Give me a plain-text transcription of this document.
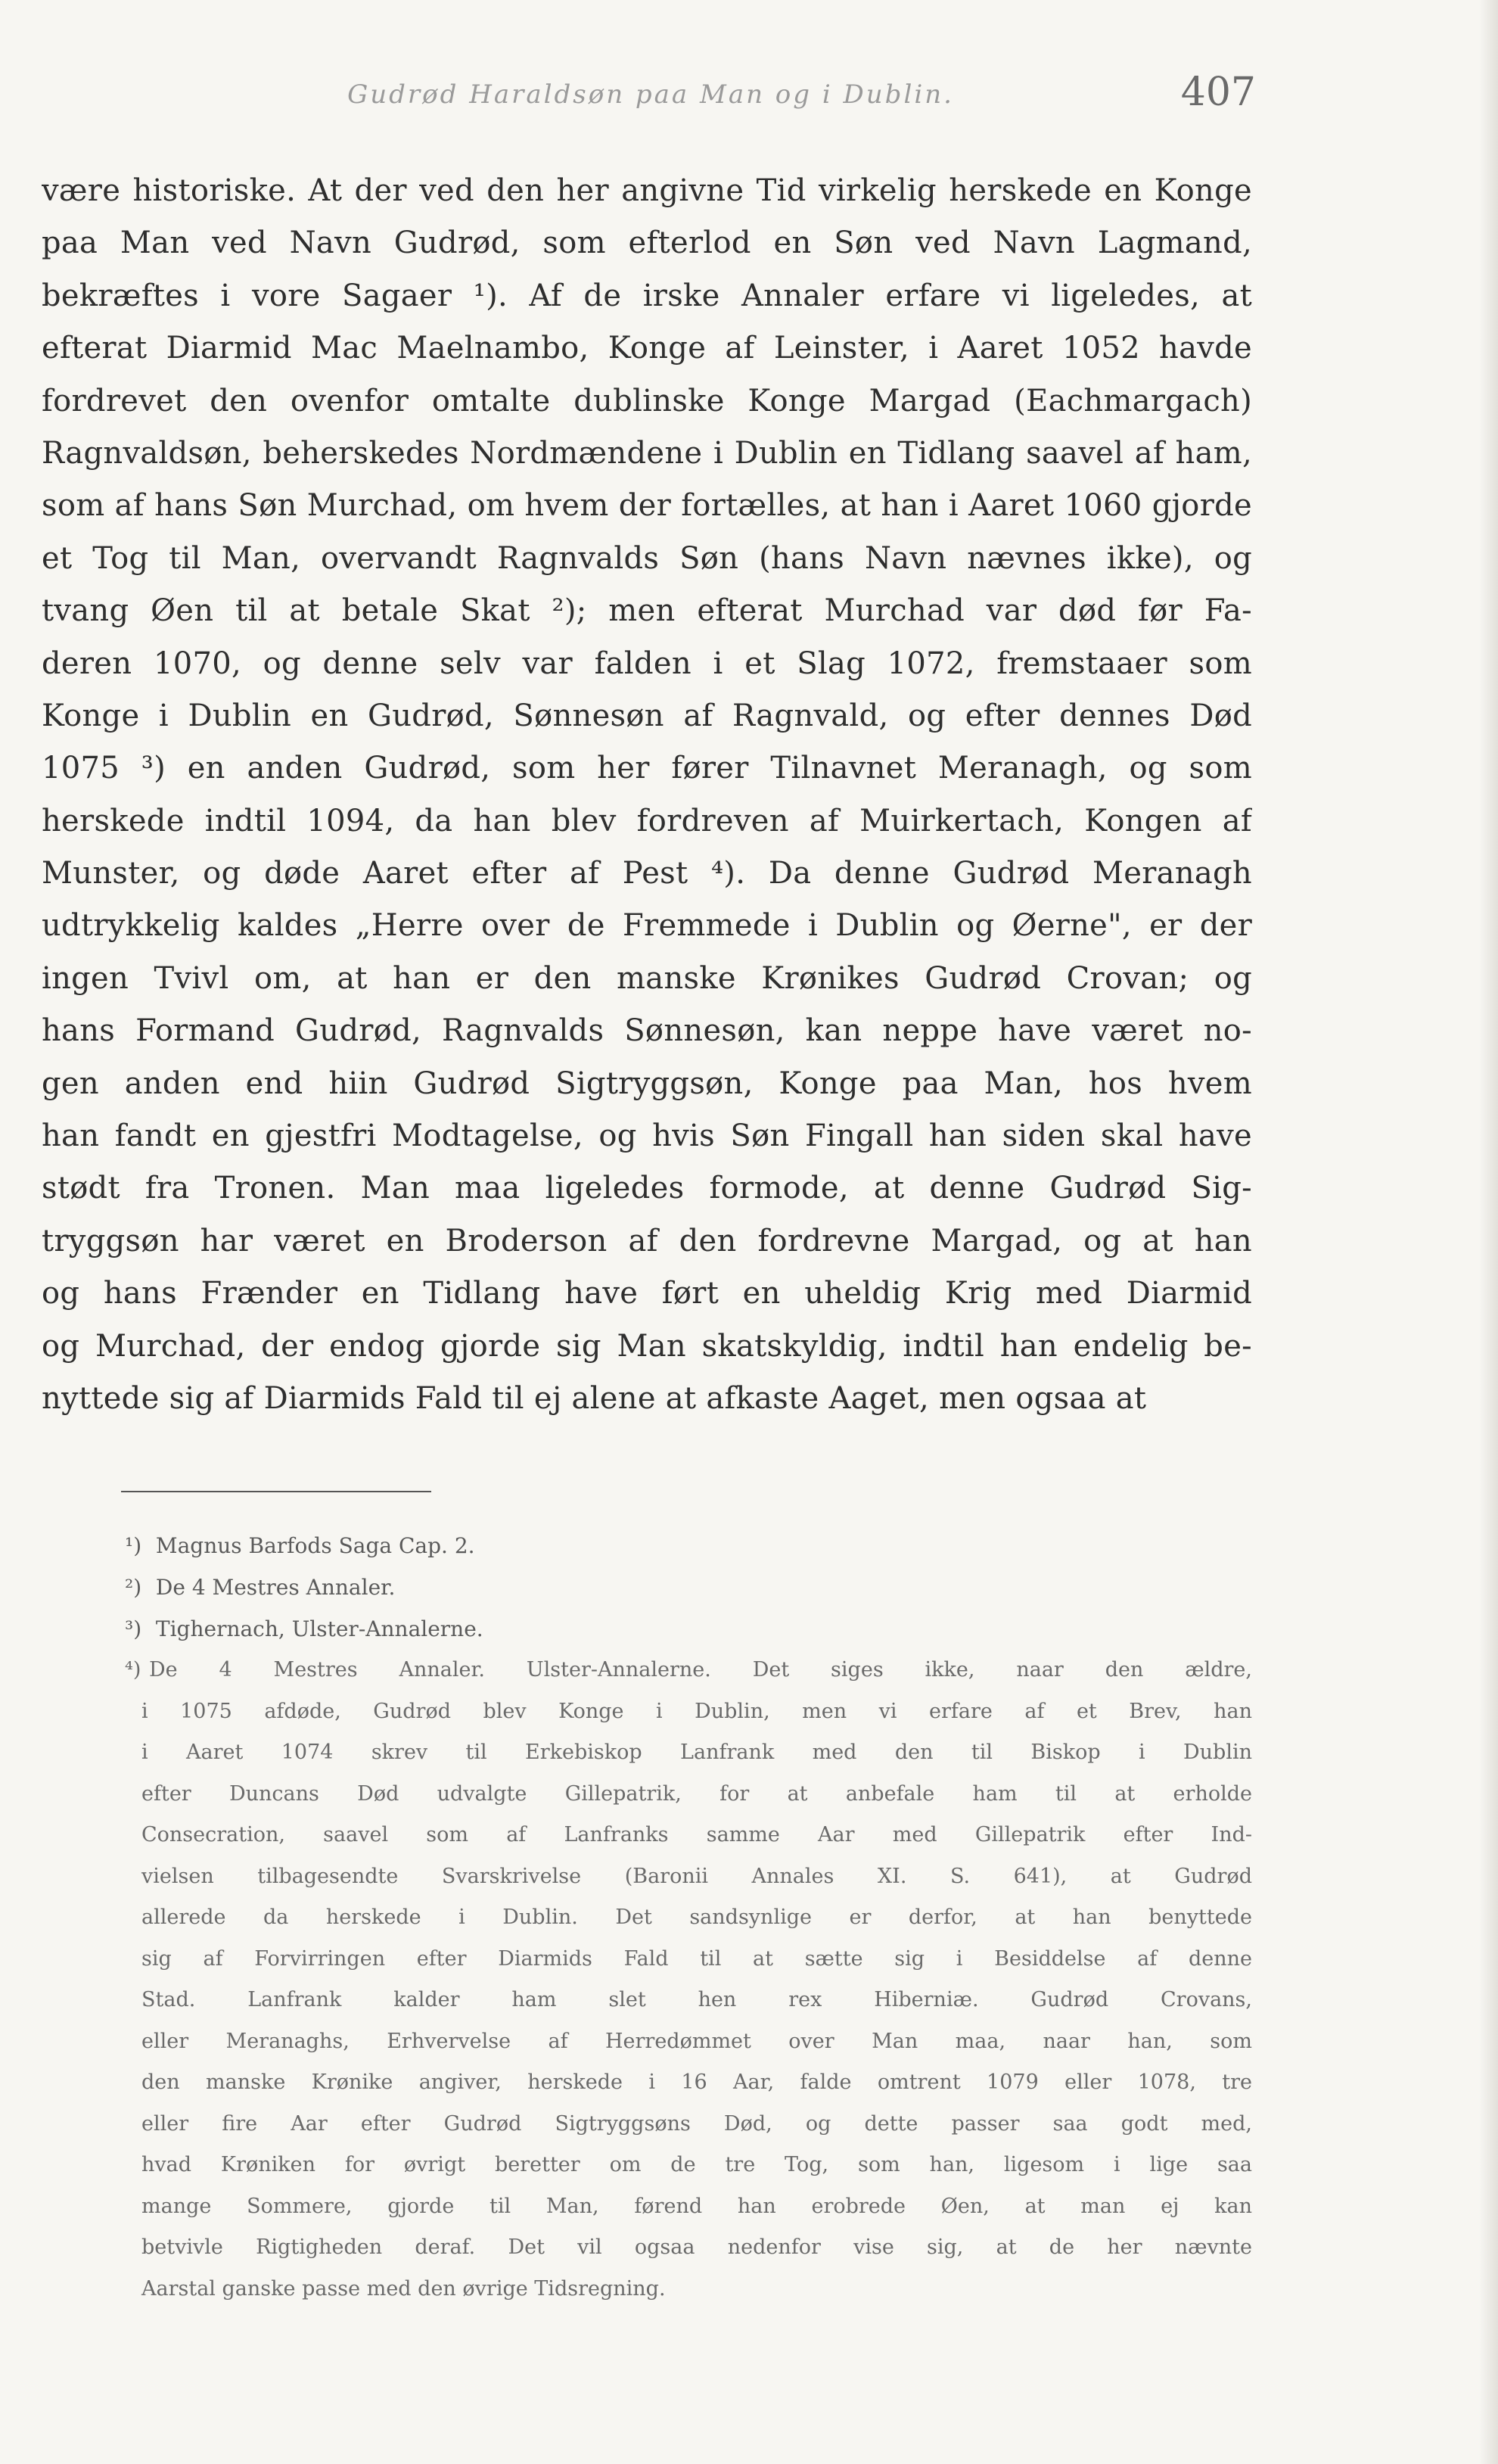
Gudrød Haraldsøn paa Man og i Dublin.	407
være historiske. At der ved den her angivne Tid virkelig herskede en Konge
paa Man ved Navn Gudrød, som efterlod en Søn ved Navn Lagmand,
bekræftes i vore Sagaer ¹). Af de irske Annaler erfare vi ligeledes, at
efterat Diarmid Mac Maelnambo, Konge af Leinster, i Aaret 1052 havde
fordrevet den ovenfor omtalte dublinske Konge Margad (Eachmargach)
Ragnvaldsøn, beherskedes Nordmændene i Dublin en Tidlang saavel af ham,
som af hans Søn Murchad, om hvem der fortælles, at han i Aaret 1060 gjorde
et Tog til Man, overvandt Ragnvalds Søn (hans Navn nævnes ikke), og
tvang Øen til at betale Skat ²); men efterat Murchad var død før Fa-
deren 1070, og denne selv var falden i et Slag 1072, fremstaaer som
Konge i Dublin en Gudrød, Sønnesøn af Ragnvald, og efter dennes Død
1075 ³) en anden Gudrød, som her fører Tilnavnet Meranagh, og som
herskede indtil 1094, da han blev fordreven af Muirkertach, Kongen af
Munster, og døde Aaret efter af Pest ⁴). Da denne Gudrød Meranagh
udtrykkelig kaldes „Herre over de Fremmede i Dublin og Øerne", er der
ingen Tvivl om, at han er den manske Krønikes Gudrød Crovan; og
hans Formand Gudrød, Ragnvalds Sønnesøn, kan neppe have været no-
gen anden end hiin Gudrød Sigtryggsøn, Konge paa Man, hos hvem
han fandt en gjestfri Modtagelse, og hvis Søn Fingall han siden skal have
stødt fra Tronen. Man maa ligeledes formode, at denne Gudrød Sig-
tryggsøn har været en Broderson af den fordrevne Margad, og at han
og hans Frænder en Tidlang have ført en uheldig Krig med Diarmid
og Murchad, der endog gjorde sig Man skatskyldig, indtil han endelig be-
nyttede sig af Diarmids Fald til ej alene at afkaste Aaget, men ogsaa at
¹) Magnus Barfods Saga Cap. 2.
²) De 4 Mestres Annaler.
³) Tighernach, Ulster-Annalerne.
⁴) De 4 Mestres Annaler. Ulster-Annalerne. Det siges ikke, naar den ældre,
i 1075 afdøde, Gudrød blev Konge i Dublin, men vi erfare af et Brev, han
i Aaret 1074 skrev til Erkebiskop Lanfrank med den til Biskop i Dublin
efter Duncans Død udvalgte Gillepatrik, for at anbefale ham til at erholde
Consecration, saavel som af Lanfranks samme Aar med Gillepatrik efter Ind-
vielsen tilbagesendte Svarskrivelse (Baronii Annales XI. S. 641), at Gudrød
allerede da herskede i Dublin. Det sandsynlige er derfor, at han benyttede
sig af Forvirringen efter Diarmids Fald til at sætte sig i Besiddelse af denne
Stad. Lanfrank kalder ham slet hen rex Hiberniæ. Gudrød Crovans,
eller Meranaghs, Erhvervelse af Herredømmet over Man maa, naar han, som
den manske Krønike angiver, herskede i 16 Aar, falde omtrent 1079 eller 1078, tre
eller fire Aar efter Gudrød Sigtryggsøns Død, og dette passer saa godt med,
hvad Krøniken for øvrigt beretter om de tre Tog, som han, ligesom i lige saa
mange Sommere, gjorde til Man, førend han erobrede Øen, at man ej kan
betvivle Rigtigheden deraf. Det vil ogsaa nedenfor vise sig, at de her nævnte
Aarstal ganske passe med den øvrige Tidsregning.
